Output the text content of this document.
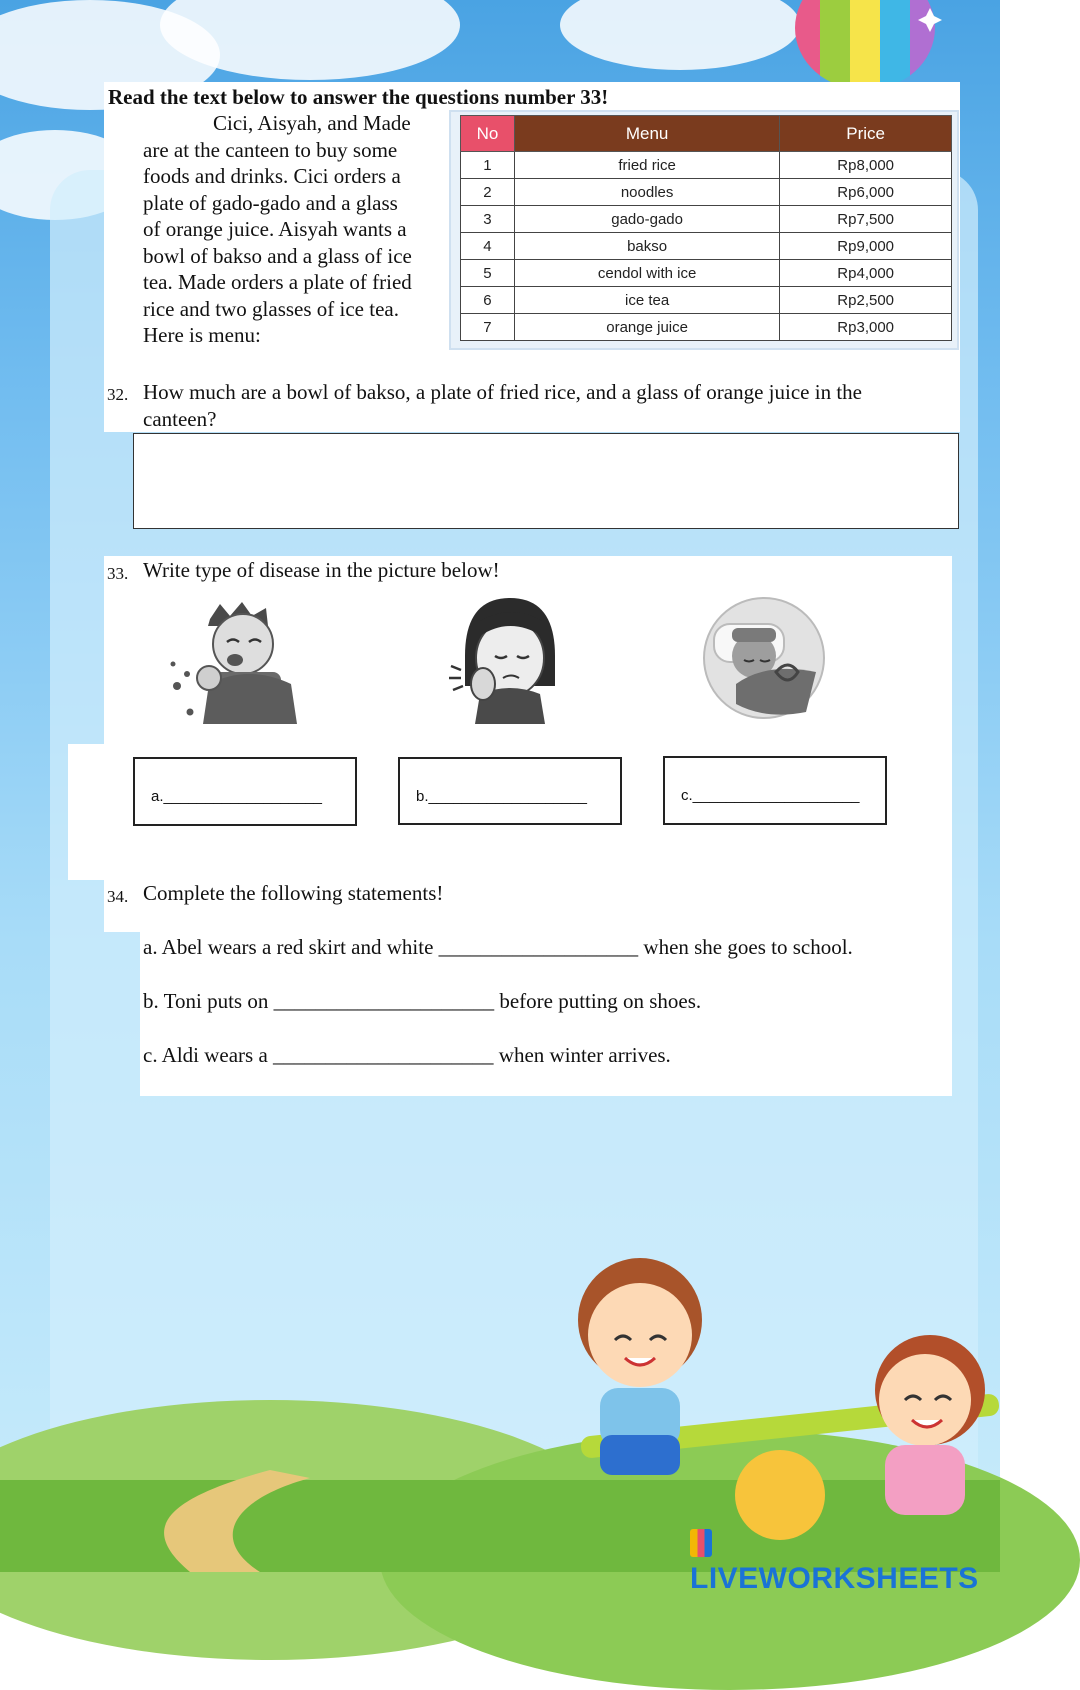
Read the text below to answer the questions number 33!
Cici, Aisyah, and Made
are at the canteen to buy some
foods and drinks. Cici orders a
plate of gado-gado and a glass
of orange juice. Aisyah wants a
bowl of bakso and a glass of ice
tea. Made orders a plate of fried
rice and two glasses of ice tea.
Here is menu:
No	Menu	Price
1	fried rice	Rp8,000
2	noodles	Rp6,000
3	gado-gado	Rp7,500
4	bakso	Rp9,000
5	cendol with ice	Rp4,000
6	ice tea	Rp2,500
7	orange juice	Rp3,000
32. How much are a bowl of bakso, a plate of fried rice, and a glass of orange juice in the
canteen?
33. Write type of disease in the picture below!
a.___________________	b.___________________	c.____________________
34. Complete the following statements!
a. Abel wears a red skirt and white ___________________ when she goes to school.
b. Toni puts on _____________________ before putting on shoes.
c. Aldi wears a _____________________ when winter arrives.
LIVEWORKSHEETS
